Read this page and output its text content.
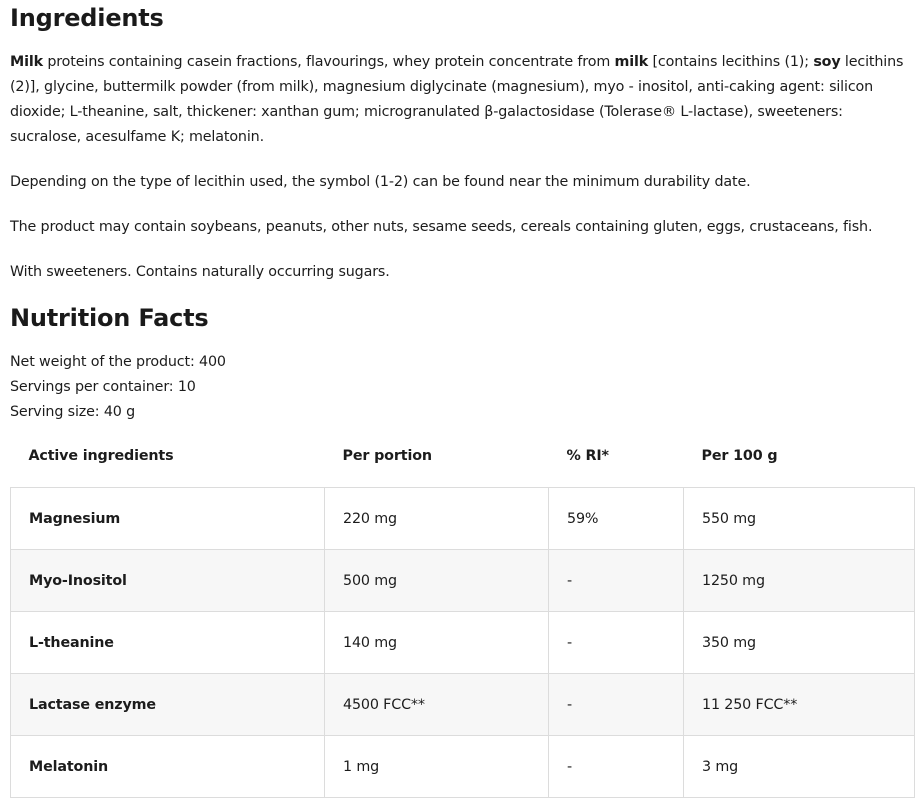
Ingredients

Milk proteins containing casein fractions, flavourings, whey protein concentrate from milk [contains lecithins (1); soy lecithins (2)], glycine, buttermilk powder (from milk), magnesium diglycinate (magnesium), myo - inositol, anti-caking agent: silicon dioxide; L-theanine, salt, thickener: xanthan gum; microgranulated β-galactosidase (Tolerase® L-lactase), sweeteners: sucralose, acesulfame K; melatonin.

Depending on the type of lecithin used, the symbol (1-2) can be found near the minimum durability date.

The product may contain soybeans, peanuts, other nuts, sesame seeds, cereals containing gluten, eggs, crustaceans, fish.

With sweeteners. Contains naturally occurring sugars.

Nutrition Facts
Net weight of the product: 400
Servings per container: 10
Serving size: 40 g
Active ingredients	Per portion	% RI*	Per 100 g
Magnesium	220 mg	59%	550 mg
Myo-Inositol	500 mg	-	1250 mg
L-theanine	140 mg	-	350 mg
Lactase enzyme	4500 FCC**	-	11 250 FCC**
Melatonin	1 mg	-	3 mg
